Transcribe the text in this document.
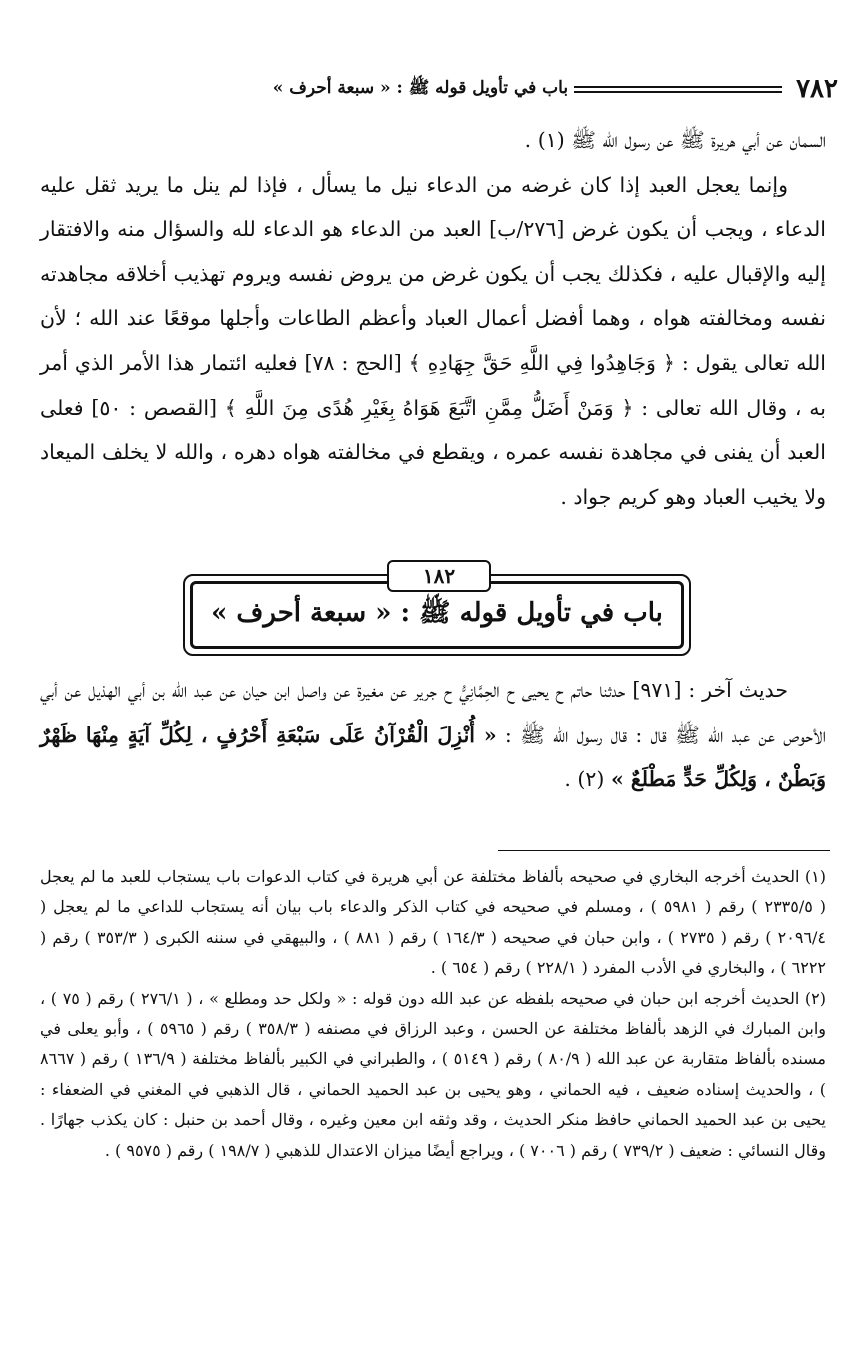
٧٨٢
باب في تأويل قوله ﷺ : « سبعة أحرف »

السمان عن أبي هريرة ﷺ عن رسول الله ﷺ (١) .

وإنما يعجل العبد إذا كان غرضه من الدعاء نيل ما يسأل ، فإذا لم ينل ما يريد ثقل عليه الدعاء ، ويجب أن يكون غرض [٢٧٦/ب] العبد من الدعاء هو الدعاء لله والسؤال منه والافتقار إليه والإقبال عليه ، فكذلك يجب أن يكون غرض من يروض نفسه ويروم تهذيب أخلاقه مجاهدته نفسه ومخالفته هواه ، وهما أفضل أعمال العباد وأعظم الطاعات وأجلها موقعًا عند الله ؛ لأن الله تعالى يقول : ﴿ وَجَاهِدُوا فِي اللَّهِ حَقَّ جِهَادِهِ ﴾ [الحج : ٧٨] فعليه ائتمار هذا الأمر الذي أمر به ، وقال الله تعالى : ﴿ وَمَنْ أَضَلُّ مِمَّنِ اتَّبَعَ هَوَاهُ بِغَيْرِ هُدًى مِنَ اللَّهِ ﴾ [القصص : ٥٠] فعلى العبد أن يفنى في مجاهدة نفسه عمره ، ويقطع في مخالفته هواه دهره ، والله لا يخلف الميعاد ولا يخيب العباد وهو كريم جواد .

١٨٢
باب في تأويل قوله ﷺ : « سبعة أحرف »

حديث آخر : [٩٧١] حدثنا حاتم ح يحيى ح الحِمَّانِيُّ ح جرير عن مغيرة عن واصل ابن حيان عن عبد الله بن أبي الهذيل عن أبي الأحوص عن عبد الله ﷺ قال : قال رسول الله ﷺ : « أُنْزِلَ الْقُرْآنُ عَلَى سَبْعَةِ أَحْرُفٍ ، لِكُلِّ آيَةٍ مِنْهَا ظَهْرٌ وَبَطْنٌ ، وَلِكُلِّ حَدٍّ مَطْلَعٌ » (٢) .

(١) الحديث أخرجه البخاري في صحيحه بألفاظ مختلفة عن أبي هريرة في كتاب الدعوات باب يستجاب للعبد ما لم يعجل ( ٢٣٣٥/٥ ) رقم ( ٥٩٨١ ) ، ومسلم في صحيحه في كتاب الذكر والدعاء باب بيان أنه يستجاب للداعي ما لم يعجل ( ٢٠٩٦/٤ ) رقم ( ٢٧٣٥ ) ، وابن حبان في صحيحه ( ١٦٤/٣ ) رقم ( ٨٨١ ) ، والبيهقي في سننه الكبرى ( ٣٥٣/٣ ) رقم ( ٦٢٢٢ ) ، والبخاري في الأدب المفرد ( ٢٢٨/١ ) رقم ( ٦٥٤ ) .

(٢) الحديث أخرجه ابن حبان في صحيحه بلفظه عن عبد الله دون قوله : « ولكل حد ومطلع » ، ( ٢٧٦/١ ) رقم ( ٧٥ ) ، وابن المبارك في الزهد بألفاظ مختلفة عن الحسن ، وعبد الرزاق في مصنفه ( ٣٥٨/٣ ) رقم ( ٥٩٦٥ ) ، وأبو يعلى في مسنده بألفاظ متقاربة عن عبد الله ( ٨٠/٩ ) رقم ( ٥١٤٩ ) ، والطبراني في الكبير بألفاظ مختلفة ( ١٣٦/٩ ) رقم ( ٨٦٦٧ ) ، والحديث إسناده ضعيف ، فيه الحماني ، وهو يحيى بن عبد الحميد الحماني ، قال الذهبي في المغني في الضعفاء : يحيى بن عبد الحميد الحماني حافظ منكر الحديث ، وقد وثقه ابن معين وغيره ، وقال أحمد بن حنبل : كان يكذب جهارًا . وقال النسائي : ضعيف ( ٧٣٩/٢ ) رقم ( ٧٠٠٦ ) ، ويراجع أيضًا ميزان الاعتدال للذهبي ( ١٩٨/٧ ) رقم ( ٩٥٧٥ ) .
